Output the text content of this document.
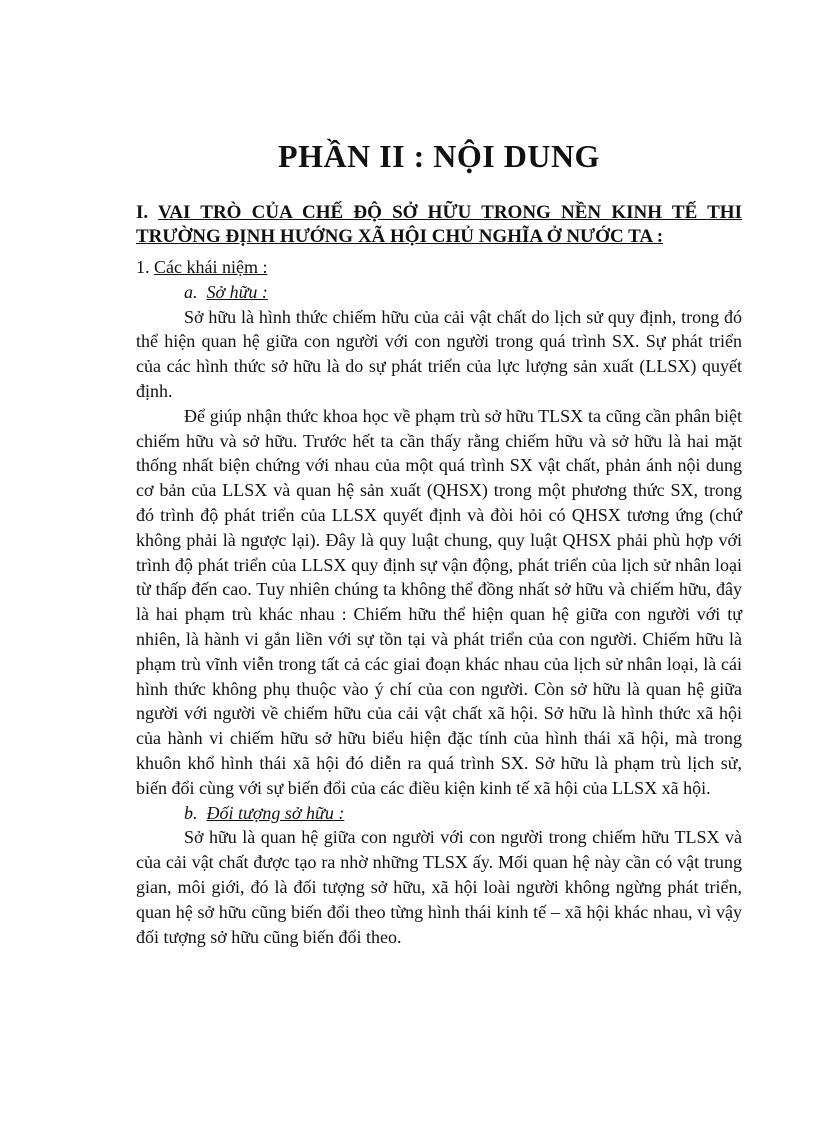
PHẦN II : NỘI DUNG
I. VAI TRÒ CỦA CHẾ ĐỘ SỞ HỮU TRONG NỀN KINH TẾ THI TRƯỜNG ĐỊNH HƯỚNG XÃ HỘI CHỦ NGHĨA Ở NƯỚC TA :
1. Các khái niệm :
a. Sở hữu :

Sở hữu là hình thức chiếm hữu của cải vật chất do lịch sử quy định, trong đó thể hiện quan hệ giữa con người với con người trong quá trình SX. Sự phát triển của các hình thức sở hữu là do sự phát triển của lực lượng sản xuất (LLSX) quyết định.

Để giúp nhận thức khoa học về phạm trù sở hữu TLSX ta cũng cần phân biệt chiếm hữu và sở hữu. Trước hết ta cần thấy rằng chiếm hữu và sở hữu là hai mặt thống nhất biện chứng với nhau của một quá trình SX vật chất, phản ánh nội dung cơ bản của LLSX và quan hệ sản xuất (QHSX) trong một phương thức SX, trong đó trình độ phát triển của LLSX quyết định và đòi hỏi có QHSX tương ứng (chứ không phải là ngược lại). Đây là quy luật chung, quy luật QHSX phải phù hợp với trình độ phát triển của LLSX quy định sự vận động, phát triển của lịch sử nhân loại từ thấp đến cao. Tuy nhiên chúng ta không thể đồng nhất sở hữu và chiếm hữu, đây là hai phạm trù khác nhau : Chiếm hữu thể hiện quan hệ giữa con người với tự nhiên, là hành vi gắn liền với sự tồn tại và phát triển của con người. Chiếm hữu là phạm trù vĩnh viễn trong tất cả các giai đoạn khác nhau của lịch sử nhân loại, là cái hình thức không phụ thuộc vào ý chí của con người. Còn sở hữu là quan hệ giữa người với người về chiếm hữu của cải vật chất xã hội. Sở hữu là hình thức xã hội của hành vi chiếm hữu sở hữu biểu hiện đặc tính của hình thái xã hội, mà trong khuôn khổ hình thái xã hội đó diễn ra quá trình SX. Sở hữu là phạm trù lịch sử, biến đổi cùng với sự biến đổi của các điều kiện kinh tế xã hội của LLSX xã hội.

b. Đối tượng sở hữu :

Sở hữu là quan hệ giữa con người với con người trong chiếm hữu TLSX và của cải vật chất được tạo ra nhờ những TLSX ấy. Mối quan hệ này cần có vật trung gian, môi giới, đó là đối tượng sở hữu, xã hội loài người không ngừng phát triển, quan hệ sở hữu cũng biến đổi theo từng hình thái kinh tế – xã hội khác nhau, vì vậy đối tượng sở hữu cũng biến đổi theo.
